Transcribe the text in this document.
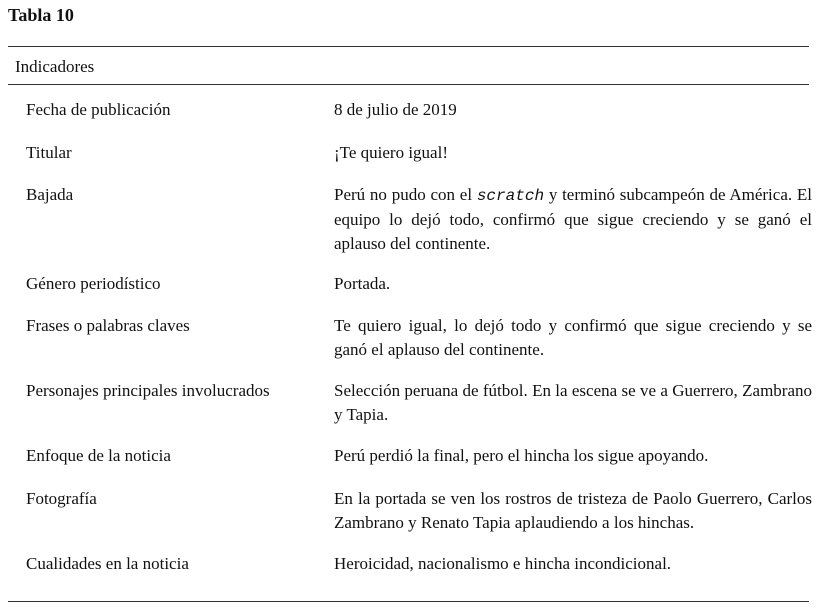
Tabla 10
Indicadores
Fecha de publicación	8 de julio de 2019
Titular	¡Te quiero igual!
Bajada	Perú no pudo con el scratch y terminó subcampeón de América. El equipo lo dejó todo, confirmó que sigue creciendo y se ganó el aplauso del continente.
Género periodístico	Portada.
Frases o palabras claves	Te quiero igual, lo dejó todo y confirmó que sigue creciendo y se ganó el aplauso del continente.
Personajes principales involucrados	Selección peruana de fútbol. En la escena se ve a Guerrero, Zambrano y Tapia.
Enfoque de la noticia	Perú perdió la final, pero el hincha los sigue apoyando.
Fotografía	En la portada se ven los rostros de tristeza de Paolo Guerrero, Carlos Zambrano y Renato Tapia aplaudiendo a los hinchas.
Cualidades en la noticia	Heroicidad, nacionalismo e hincha incondicional.
